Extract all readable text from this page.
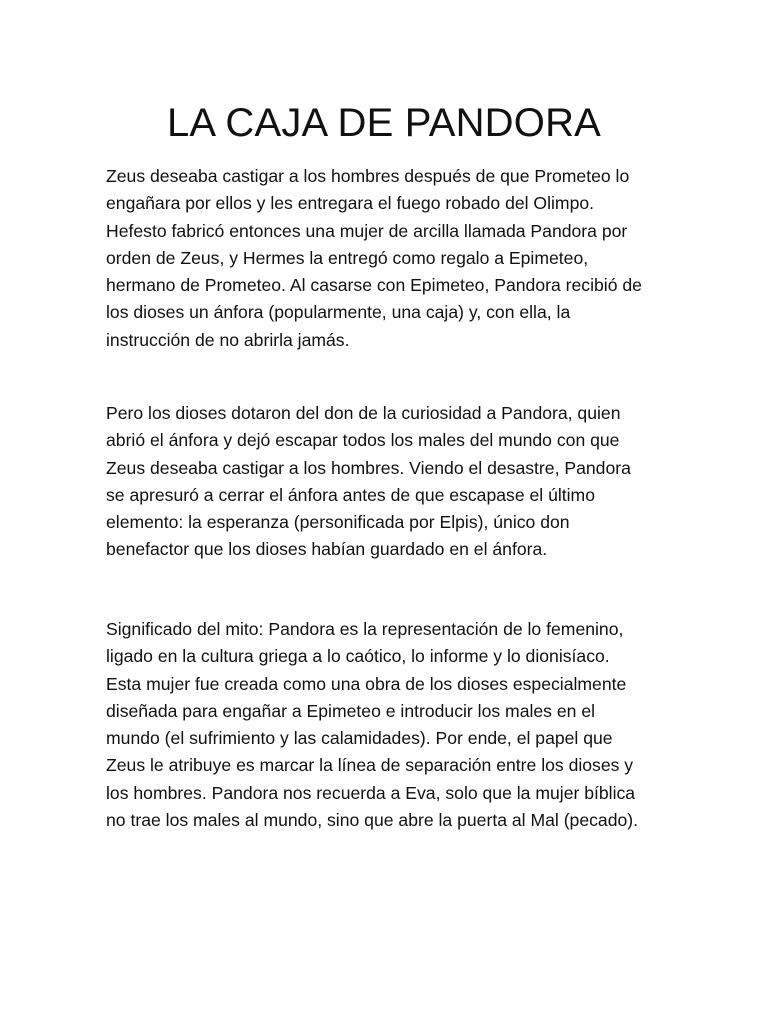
LA CAJA DE PANDORA

Zeus deseaba castigar a los hombres después de que Prometeo lo
engañara por ellos y les entregara el fuego robado del Olimpo.
Hefesto fabricó entonces una mujer de arcilla llamada Pandora por
orden de Zeus, y Hermes la entregó como regalo a Epimeteo,
hermano de Prometeo. Al casarse con Epimeteo, Pandora recibió de
los dioses un ánfora (popularmente, una caja) y, con ella, la
instrucción de no abrirla jamás.

Pero los dioses dotaron del don de la curiosidad a Pandora, quien
abrió el ánfora y dejó escapar todos los males del mundo con que
Zeus deseaba castigar a los hombres. Viendo el desastre, Pandora
se apresuró a cerrar el ánfora antes de que escapase el último
elemento: la esperanza (personificada por Elpis), único don
benefactor que los dioses habían guardado en el ánfora.

Significado del mito: Pandora es la representación de lo femenino,
ligado en la cultura griega a lo caótico, lo informe y lo dionisíaco.
Esta mujer fue creada como una obra de los dioses especialmente
diseñada para engañar a Epimeteo e introducir los males en el
mundo (el sufrimiento y las calamidades). Por ende, el papel que
Zeus le atribuye es marcar la línea de separación entre los dioses y
los hombres. Pandora nos recuerda a Eva, solo que la mujer bíblica
no trae los males al mundo, sino que abre la puerta al Mal (pecado).
